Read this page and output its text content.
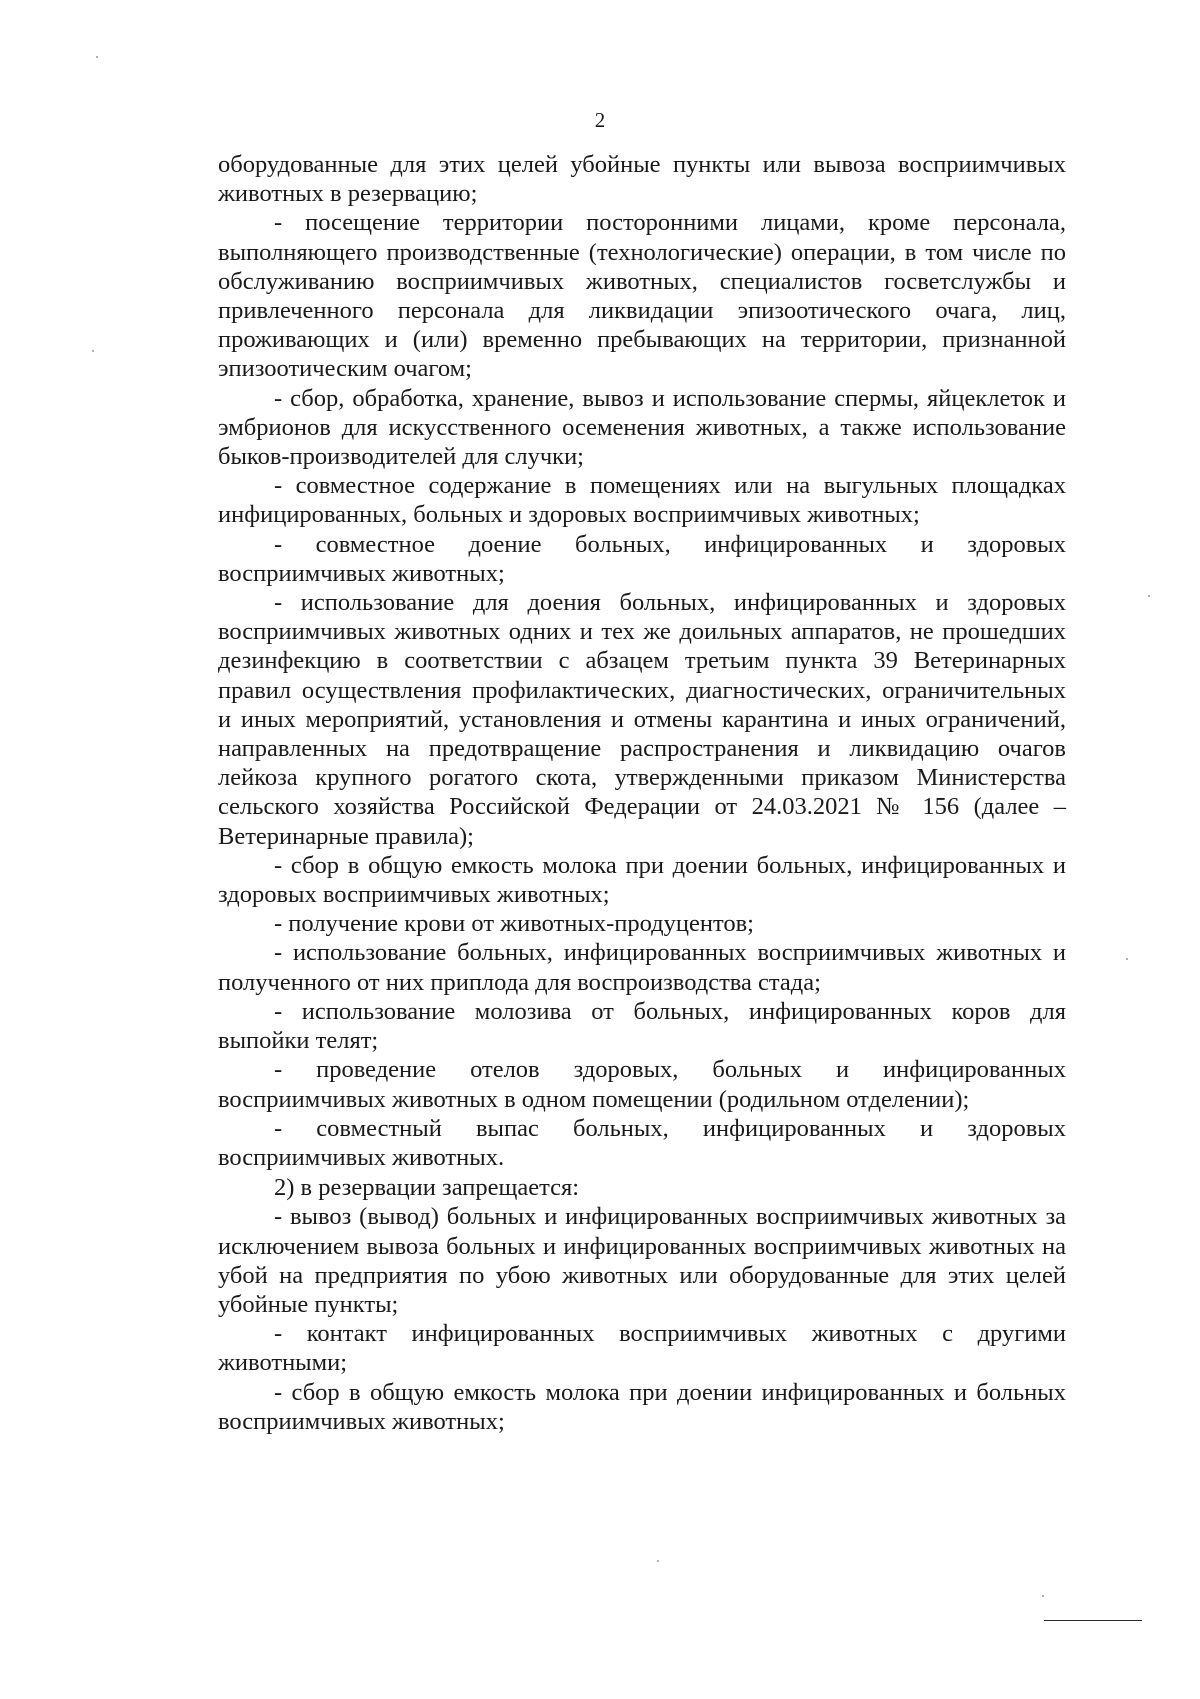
2

оборудованные для этих целей убойные пункты или вывоза восприимчивых животных в резервацию;

- посещение территории посторонними лицами, кроме персонала, выполняющего производственные (технологические) операции, в том числе по обслуживанию восприимчивых животных, специалистов госветслужбы и привлеченного персонала для ликвидации эпизоотического очага, лиц, проживающих и (или) временно пребывающих на территории, признанной эпизоотическим очагом;

- сбор, обработка, хранение, вывоз и использование спермы, яйцеклеток и эмбрионов для искусственного осеменения животных, а также использование быков-производителей для случки;

- совместное содержание в помещениях или на выгульных площадках инфицированных, больных и здоровых восприимчивых животных;

- совместное доение больных, инфицированных и здоровых восприимчивых животных;

- использование для доения больных, инфицированных и здоровых восприимчивых животных одних и тех же доильных аппаратов, не прошедших дезинфекцию в соответствии с абзацем третьим пункта 39 Ветеринарных правил осуществления профилактических, диагностических, ограничительных и иных мероприятий, установления и отмены карантина и иных ограничений, направленных на предотвращение распространения и ликвидацию очагов лейкоза крупного рогатого скота, утвержденными приказом Министерства сельского хозяйства Российской Федерации от 24.03.2021 № 156 (далее – Ветеринарные правила);

- сбор в общую емкость молока при доении больных, инфицированных и здоровых восприимчивых животных;

- получение крови от животных-продуцентов;

- использование больных, инфицированных восприимчивых животных и полученного от них приплода для воспроизводства стада;

- использование молозива от больных, инфицированных коров для выпойки телят;

- проведение отелов здоровых, больных и инфицированных восприимчивых животных в одном помещении (родильном отделении);

- совместный выпас больных, инфицированных и здоровых восприимчивых животных.

2) в резервации запрещается:

- вывоз (вывод) больных и инфицированных восприимчивых животных за исключением вывоза больных и инфицированных восприимчивых животных на убой на предприятия по убою животных или оборудованные для этих целей убойные пункты;

- контакт инфицированных восприимчивых животных с другими животными;

- сбор в общую емкость молока при доении инфицированных и больных восприимчивых животных;
